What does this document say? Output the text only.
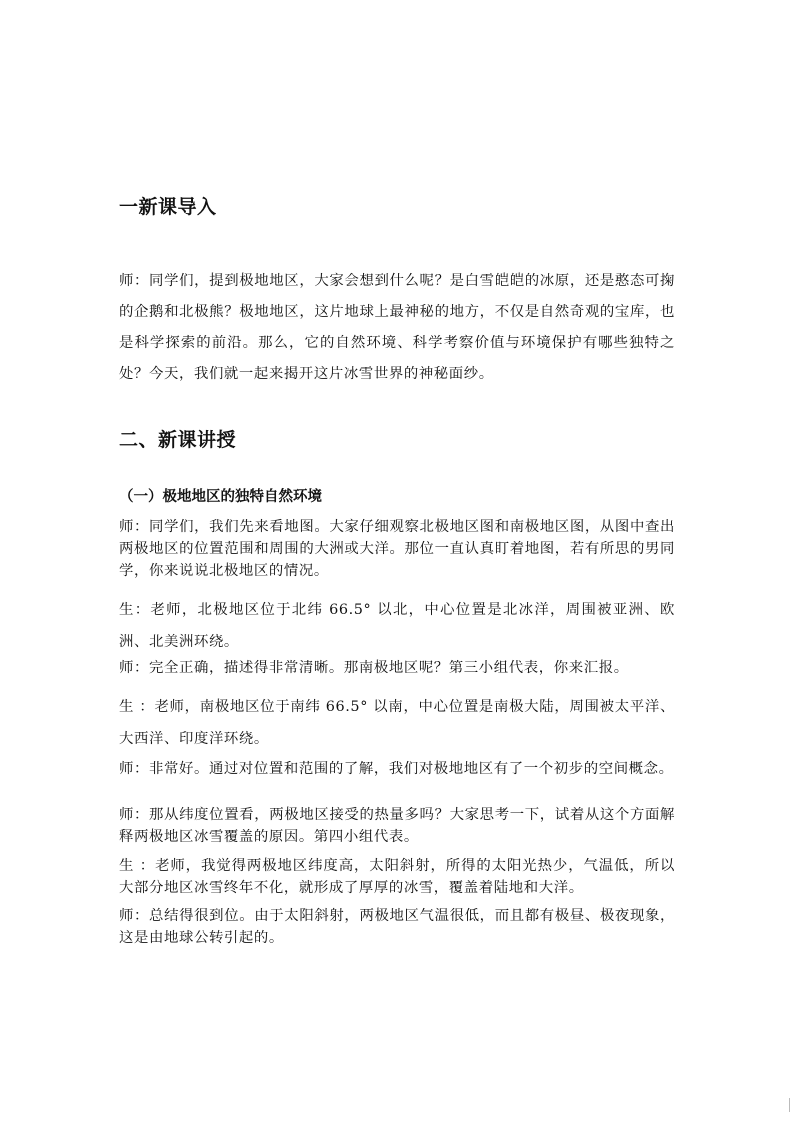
一新课导入

师：同学们，提到极地地区，大家会想到什么呢？是白雪皑皑的冰原，还是憨态可掬的企鹅和北极熊？极地地区，这片地球上最神秘的地方，不仅是自然奇观的宝库，也是科学探索的前沿。那么，它的自然环境、科学考察价值与环境保护有哪些独特之处？今天，我们就一起来揭开这片冰雪世界的神秘面纱。

二、新课讲授
（一）极地地区的独特自然环境

师：同学们，我们先来看地图。大家仔细观察北极地区图和南极地区图，从图中查出两极地区的位置范围和周围的大洲或大洋。那位一直认真盯着地图，若有所思的男同学，你来说说北极地区的情况。

生：老师，北极地区位于北纬 66.5° 以北，中心位置是北冰洋，周围被亚洲、欧洲、北美洲环绕。

师：完全正确，描述得非常清晰。那南极地区呢？第三小组代表，你来汇报。

生 ：老师，南极地区位于南纬 66.5° 以南，中心位置是南极大陆，周围被太平洋、大西洋、印度洋环绕。

师：非常好。通过对位置和范围的了解，我们对极地地区有了一个初步的空间概念。

师：那从纬度位置看，两极地区接受的热量多吗？大家思考一下，试着从这个方面解释两极地区冰雪覆盖的原因。第四小组代表。

生 ：老师，我觉得两极地区纬度高，太阳斜射，所得的太阳光热少，气温低，所以大部分地区冰雪终年不化，就形成了厚厚的冰雪，覆盖着陆地和大洋。

师：总结得很到位。由于太阳斜射，两极地区气温很低，而且都有极昼、极夜现象，这是由地球公转引起的。
